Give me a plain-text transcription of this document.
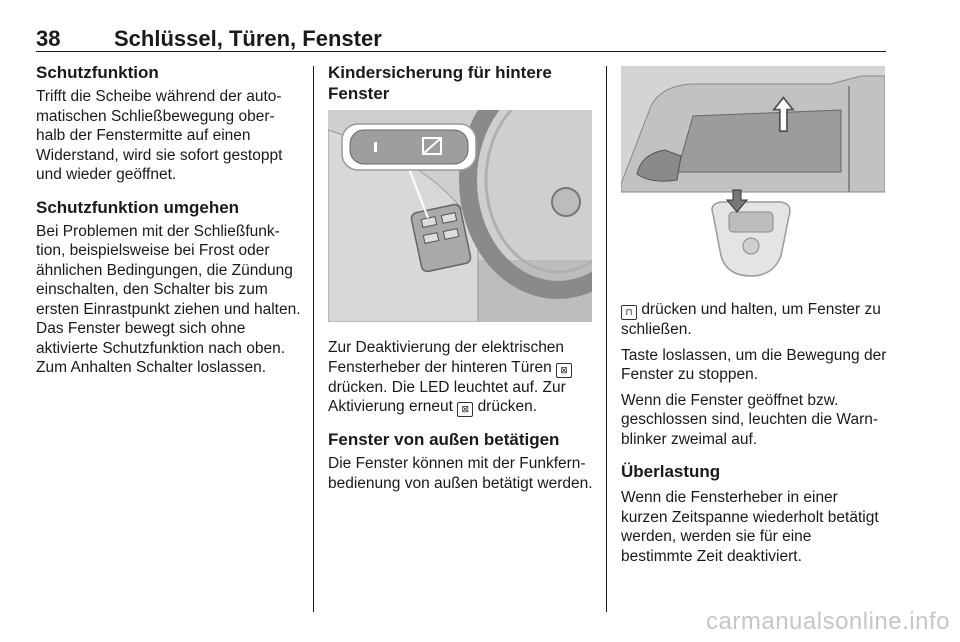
38 Schlüssel, Türen, Fenster
Schutzfunktion

Trifft die Scheibe während der auto-matischen Schließbewegung ober-halb der Fenstermitte auf einen Widerstand, wird sie sofort gestoppt und wieder geöffnet.

Schutzfunktion umgehen

Bei Problemen mit der Schließfunk-tion, beispielsweise bei Frost oder ähnlichen Bedingungen, die Zündung einschalten, den Schalter bis zum ersten Einrastpunkt ziehen und halten. Das Fenster bewegt sich ohne aktivierte Schutzfunktion nach oben. Zum Anhalten Schalter loslassen.

Kindersicherung für hintere Fenster

Zur Deaktivierung der elektrischen Fensterheber der hinteren Türen ⊠ drücken. Die LED leuchtet auf. Zur Aktivierung erneut ⊠ drücken.

Fenster von außen betätigen

Die Fenster können mit der Funkfern-bedienung von außen betätigt werden.

⊓ drücken und halten, um Fenster zu schließen.

Taste loslassen, um die Bewegung der Fenster zu stoppen.

Wenn die Fenster geöffnet bzw. geschlossen sind, leuchten die Warn-blinker zweimal auf.

Überlastung

Wenn die Fensterheber in einer kurzen Zeitspanne wiederholt betätigt werden, werden sie für eine bestimmte Zeit deaktiviert.

carmanualsonline.info
